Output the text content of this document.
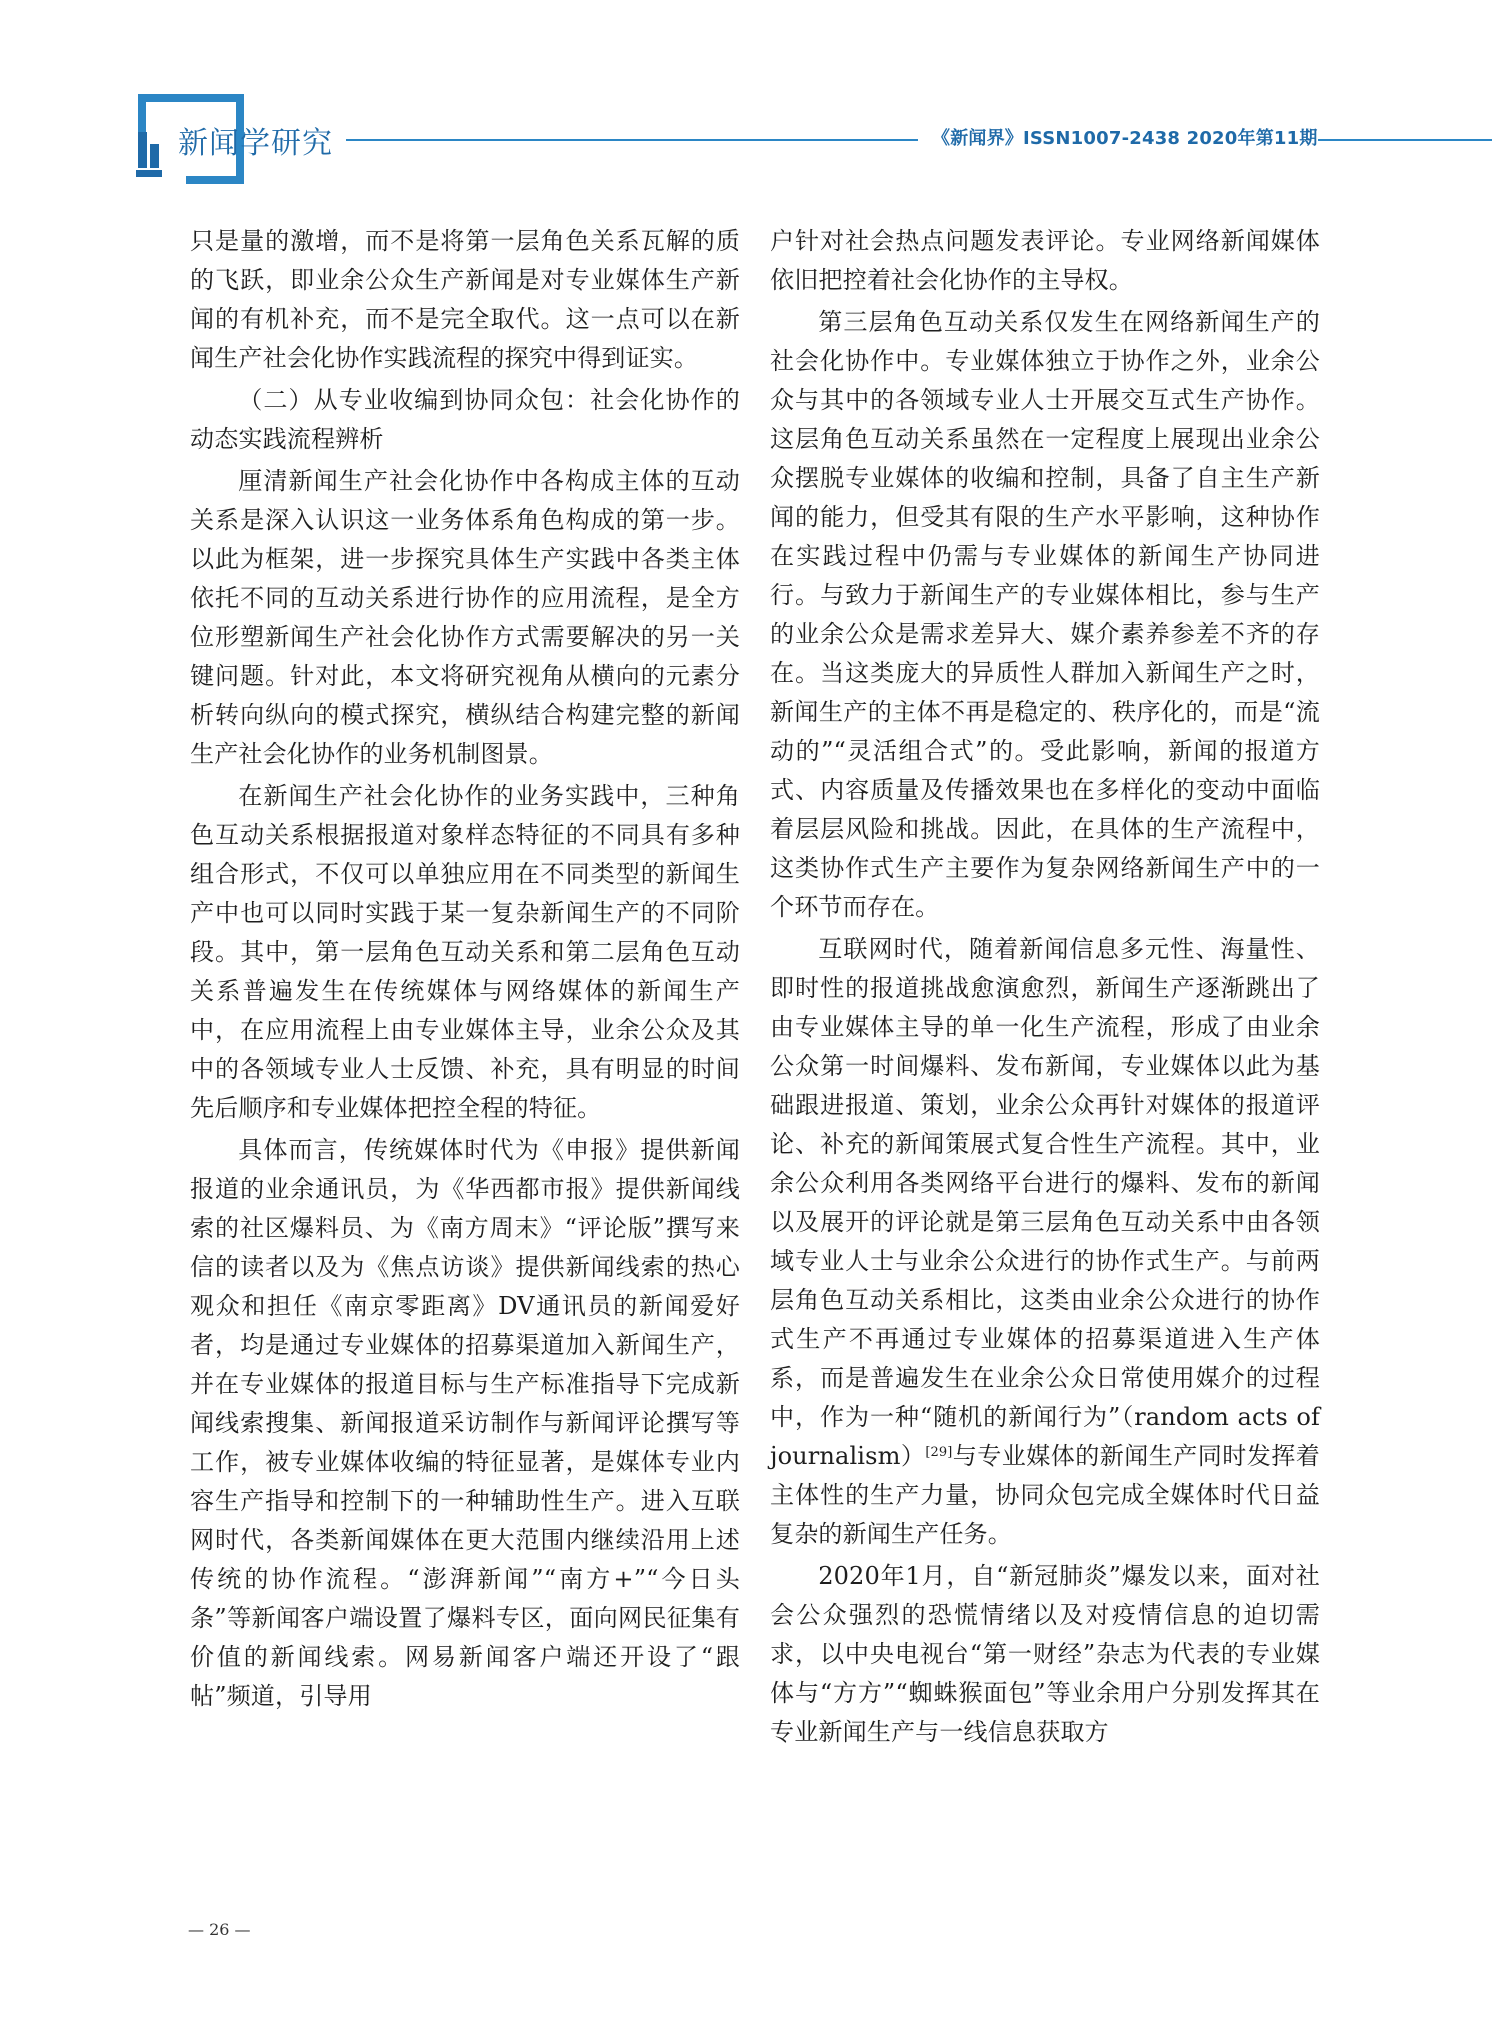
新闻学研究	《新闻界》ISSN1007-2438 2020年第11期

只是量的激增，而不是将第一层角色关系瓦解的质的飞跃，即业余公众生产新闻是对专业媒体生产新闻的有机补充，而不是完全取代。这一点可以在新闻生产社会化协作实践流程的探究中得到证实。

（二）从专业收编到协同众包：社会化协作的动态实践流程辨析

厘清新闻生产社会化协作中各构成主体的互动关系是深入认识这一业务体系角色构成的第一步。以此为框架，进一步探究具体生产实践中各类主体依托不同的互动关系进行协作的应用流程，是全方位形塑新闻生产社会化协作方式需要解决的另一关键问题。针对此，本文将研究视角从横向的元素分析转向纵向的模式探究，横纵结合构建完整的新闻生产社会化协作的业务机制图景。

在新闻生产社会化协作的业务实践中，三种角色互动关系根据报道对象样态特征的不同具有多种组合形式，不仅可以单独应用在不同类型的新闻生产中也可以同时实践于某一复杂新闻生产的不同阶段。其中，第一层角色互动关系和第二层角色互动关系普遍发生在传统媒体与网络媒体的新闻生产中，在应用流程上由专业媒体主导，业余公众及其中的各领域专业人士反馈、补充，具有明显的时间先后顺序和专业媒体把控全程的特征。

具体而言，传统媒体时代为《申报》提供新闻报道的业余通讯员，为《华西都市报》提供新闻线索的社区爆料员、为《南方周末》“评论版”撰写来信的读者以及为《焦点访谈》提供新闻线索的热心观众和担任《南京零距离》DV通讯员的新闻爱好者，均是通过专业媒体的招募渠道加入新闻生产，并在专业媒体的报道目标与生产标准指导下完成新闻线索搜集、新闻报道采访制作与新闻评论撰写等工作，被专业媒体收编的特征显著，是媒体专业内容生产指导和控制下的一种辅助性生产。进入互联网时代，各类新闻媒体在更大范围内继续沿用上述传统的协作流程。“澎湃新闻”“南方+”“今日头条”等新闻客户端设置了爆料专区，面向网民征集有价值的新闻线索。网易新闻客户端还开设了“跟帖”频道，引导用

户针对社会热点问题发表评论。专业网络新闻媒体依旧把控着社会化协作的主导权。

第三层角色互动关系仅发生在网络新闻生产的社会化协作中。专业媒体独立于协作之外，业余公众与其中的各领域专业人士开展交互式生产协作。这层角色互动关系虽然在一定程度上展现出业余公众摆脱专业媒体的收编和控制，具备了自主生产新闻的能力，但受其有限的生产水平影响，这种协作在实践过程中仍需与专业媒体的新闻生产协同进行。与致力于新闻生产的专业媒体相比，参与生产的业余公众是需求差异大、媒介素养参差不齐的存在。当这类庞大的异质性人群加入新闻生产之时，新闻生产的主体不再是稳定的、秩序化的，而是“流动的”“灵活组合式”的。受此影响，新闻的报道方式、内容质量及传播效果也在多样化的变动中面临着层层风险和挑战。因此，在具体的生产流程中，这类协作式生产主要作为复杂网络新闻生产中的一个环节而存在。

互联网时代，随着新闻信息多元性、海量性、即时性的报道挑战愈演愈烈，新闻生产逐渐跳出了由专业媒体主导的单一化生产流程，形成了由业余公众第一时间爆料、发布新闻，专业媒体以此为基础跟进报道、策划，业余公众再针对媒体的报道评论、补充的新闻策展式复合性生产流程。其中，业余公众利用各类网络平台进行的爆料、发布的新闻以及展开的评论就是第三层角色互动关系中由各领域专业人士与业余公众进行的协作式生产。与前两层角色互动关系相比，这类由业余公众进行的协作式生产不再通过专业媒体的招募渠道进入生产体系，而是普遍发生在业余公众日常使用媒介的过程中，作为一种“随机的新闻行为”（random acts of journalism）[29]与专业媒体的新闻生产同时发挥着主体性的生产力量，协同众包完成全媒体时代日益复杂的新闻生产任务。

2020年1月，自“新冠肺炎”爆发以来，面对社会公众强烈的恐慌情绪以及对疫情信息的迫切需求，以中央电视台“第一财经”杂志为代表的专业媒体与“方方”“蜘蛛猴面包”等业余用户分别发挥其在专业新闻生产与一线信息获取方

— 26 —
